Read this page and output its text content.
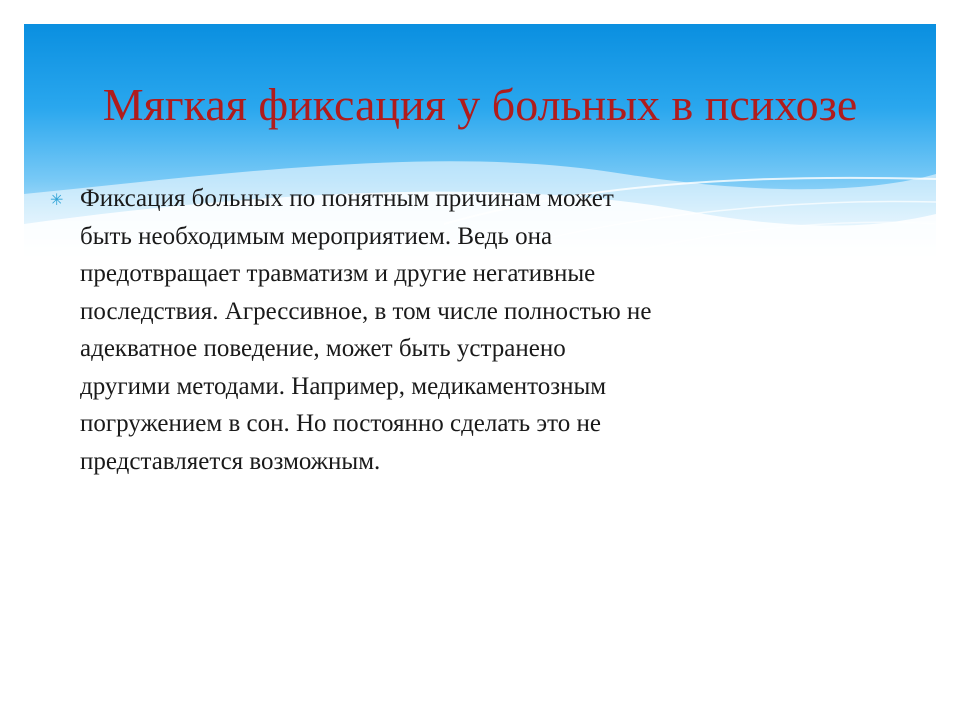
Мягкая фиксация у больных в психозе
✳ Фиксация больных по понятным причинам может
быть необходимым мероприятием. Ведь она
предотвращает травматизм и другие негативные
последствия. Агрессивное, в том числе полностью не
адекватное поведение, может быть устранено
другими методами. Например, медикаментозным
погружением в сон. Но постоянно сделать это не
представляется возможным.
